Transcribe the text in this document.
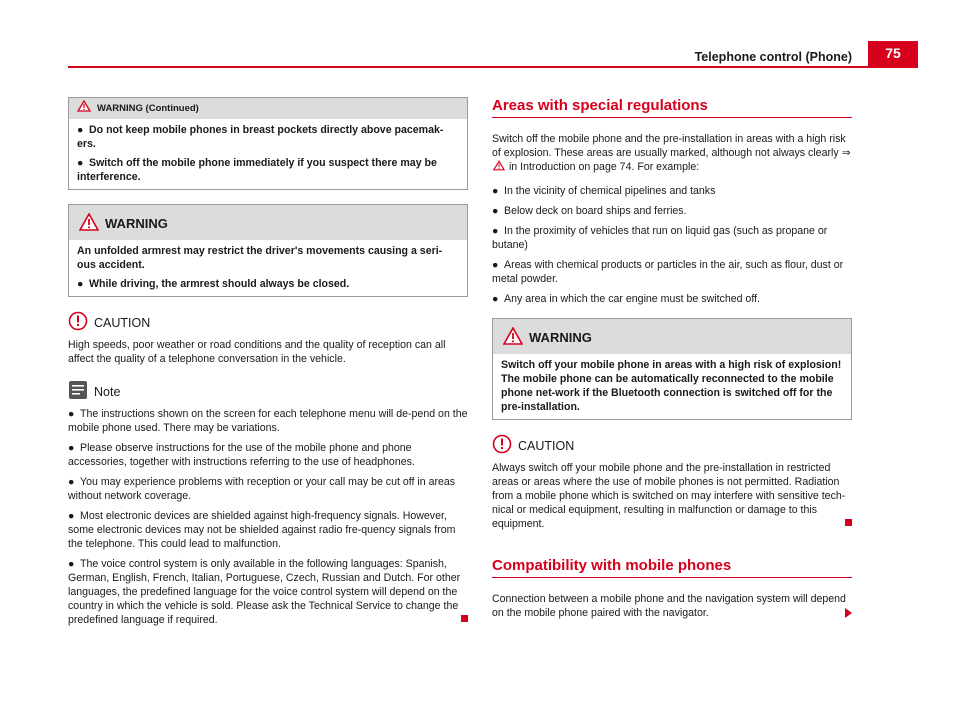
Telephone control (Phone)	75
WARNING (Continued)

● Do not keep mobile phones in breast pockets directly above pacemak-ers.

● Switch off the mobile phone immediately if you suspect there may be interference.

WARNING

An unfolded armrest may restrict the driver's movements causing a seri-ous accident.

● While driving, the armrest should always be closed.

CAUTION

High speeds, poor weather or road conditions and the quality of reception can all affect the quality of a telephone conversation in the vehicle.

Note

● The instructions shown on the screen for each telephone menu will de-pend on the mobile phone used. There may be variations.

● Please observe instructions for the use of the mobile phone and phone accessories, together with instructions referring to the use of headphones.

● You may experience problems with reception or your call may be cut off in areas without network coverage.

● Most electronic devices are shielded against high-frequency signals. However, some electronic devices may not be shielded against radio fre-quency signals from the telephone. This could lead to malfunction.

● The voice control system is only available in the following languages: Spanish, German, English, French, Italian, Portuguese, Czech, Russian and Dutch. For other languages, the predefined language for the voice control system will depend on the country in which the vehicle is sold. Please ask the Technical Service to change the predefined language if required.

Areas with special regulations

Switch off the mobile phone and the pre-installation in areas with a high risk of explosion. These areas are usually marked, although not always clearly ⇒  in Introduction on page 74. For example:

● In the vicinity of chemical pipelines and tanks

● Below deck on board ships and ferries.

● In the proximity of vehicles that run on liquid gas (such as propane or butane)

● Areas with chemical products or particles in the air, such as flour, dust or metal powder.

● Any area in which the car engine must be switched off.

WARNING

Switch off your mobile phone in areas with a high risk of explosion! The mobile phone can be automatically reconnected to the mobile phone net-work if the Bluetooth connection is switched off for the pre-installation.

CAUTION

Always switch off your mobile phone and the pre-installation in restricted areas or areas where the use of mobile phones is not permitted. Radiation from a mobile phone which is switched on may interfere with sensitive tech-nical or medical equipment, resulting in malfunction or damage to this equipment.

Compatibility with mobile phones

Connection between a mobile phone and the navigation system will depend on the mobile phone paired with the navigator.
